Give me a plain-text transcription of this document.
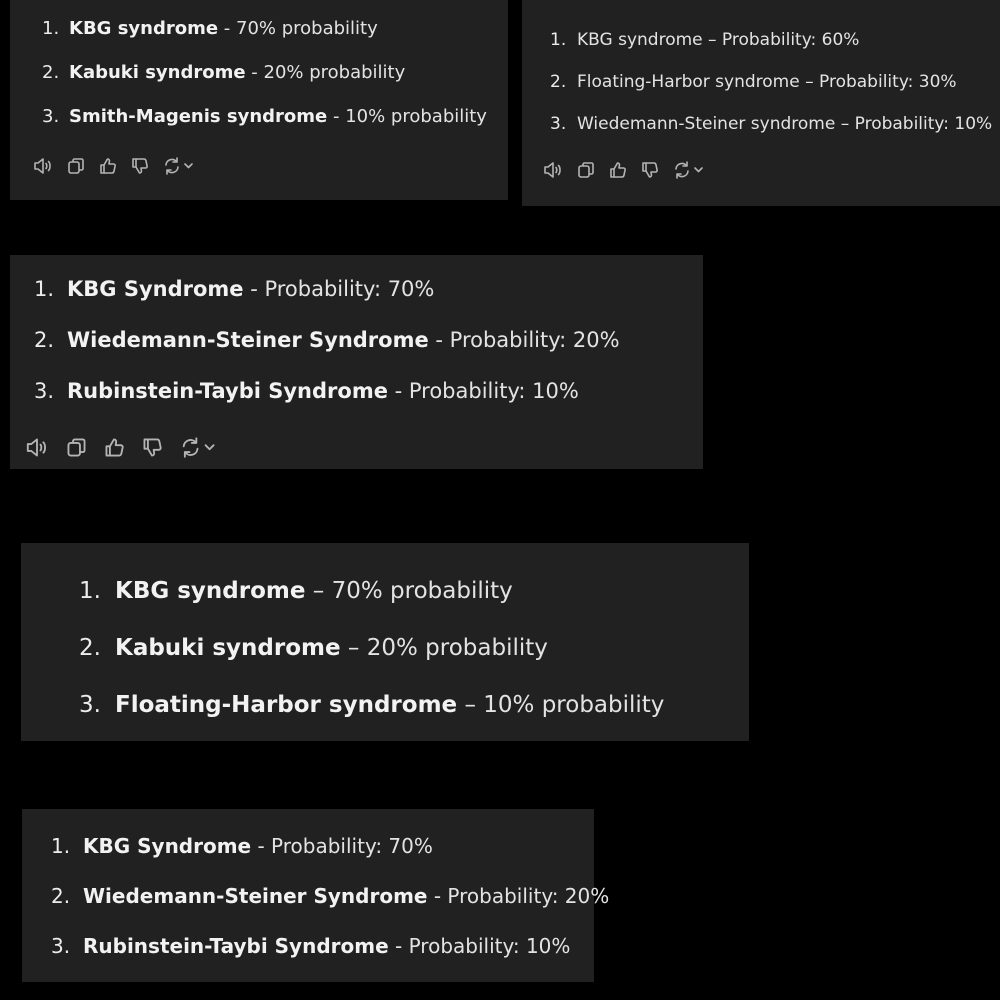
1. KBG syndrome - 70% probability
2. Kabuki syndrome - 20% probability
3. Smith-Magenis syndrome - 10% probability
1. KBG syndrome – Probability: 60%
2. Floating-Harbor syndrome – Probability: 30%
3. Wiedemann-Steiner syndrome – Probability: 10%
1. KBG Syndrome - Probability: 70%
2. Wiedemann-Steiner Syndrome - Probability: 20%
3. Rubinstein-Taybi Syndrome - Probability: 10%
1. KBG syndrome – 70% probability
2. Kabuki syndrome – 20% probability
3. Floating-Harbor syndrome – 10% probability
1. KBG Syndrome - Probability: 70%
2. Wiedemann-Steiner Syndrome - Probability: 20%
3. Rubinstein-Taybi Syndrome - Probability: 10%
